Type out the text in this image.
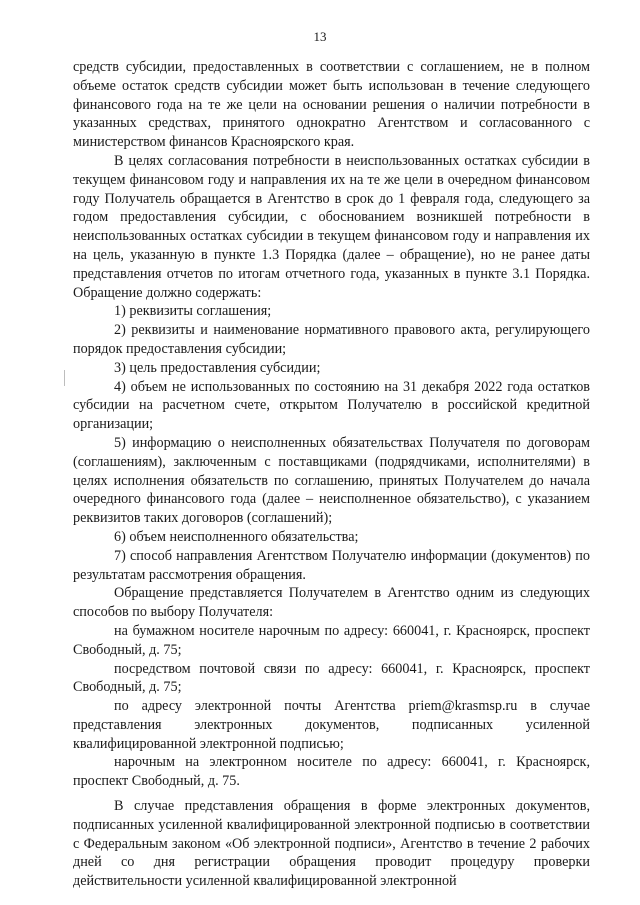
13

средств субсидии, предоставленных в соответствии с соглашением, не в полном объеме остаток средств субсидии может быть использован в течение следующего финансового года на те же цели на основании решения о наличии потребности в указанных средствах, принятого однократно Агентством и согласованного с министерством финансов Красноярского края.

В целях согласования потребности в неиспользованных остатках субсидии в текущем финансовом году и направления их на те же цели в очередном финансовом году Получатель обращается в Агентство в срок до 1 февраля года, следующего за годом предоставления субсидии, с обоснованием возникшей потребности в неиспользованных остатках субсидии в текущем финансовом году и направления их на цель, указанную в пункте 1.3 Порядка (далее – обращение), но не ранее даты представления отчетов по итогам отчетного года, указанных в пункте 3.1 Порядка. Обращение должно содержать:

1) реквизиты соглашения;

2) реквизиты и наименование нормативного правового акта, регулирующего порядок предоставления субсидии;

3) цель предоставления субсидии;

4) объем не использованных по состоянию на 31 декабря 2022 года остатков субсидии на расчетном счете, открытом Получателю в российской кредитной организации;

5) информацию о неисполненных обязательствах Получателя по договорам (соглашениям), заключенным с поставщиками (подрядчиками, исполнителями) в целях исполнения обязательств по соглашению, принятых Получателем до начала очередного финансового года (далее – неисполненное обязательство), с указанием реквизитов таких договоров (соглашений);

6) объем неисполненного обязательства;

7) способ направления Агентством Получателю информации (документов) по результатам рассмотрения обращения.

Обращение представляется Получателем в Агентство одним из следующих способов по выбору Получателя:

на бумажном носителе нарочным по адресу: 660041, г. Красноярск, проспект Свободный, д. 75;

посредством почтовой связи по адресу: 660041, г. Красноярск, проспект Свободный, д. 75;

по адресу электронной почты Агентства priem@krasmsp.ru в случае представления электронных документов, подписанных усиленной квалифицированной электронной подписью;

нарочным на электронном носителе по адресу: 660041, г. Красноярск, проспект Свободный, д. 75.

В случае представления обращения в форме электронных документов, подписанных усиленной квалифицированной электронной подписью в соответствии с Федеральным законом «Об электронной подписи», Агентство в течение 2 рабочих дней со дня регистрации обращения проводит процедуру проверки действительности усиленной квалифицированной электронной
